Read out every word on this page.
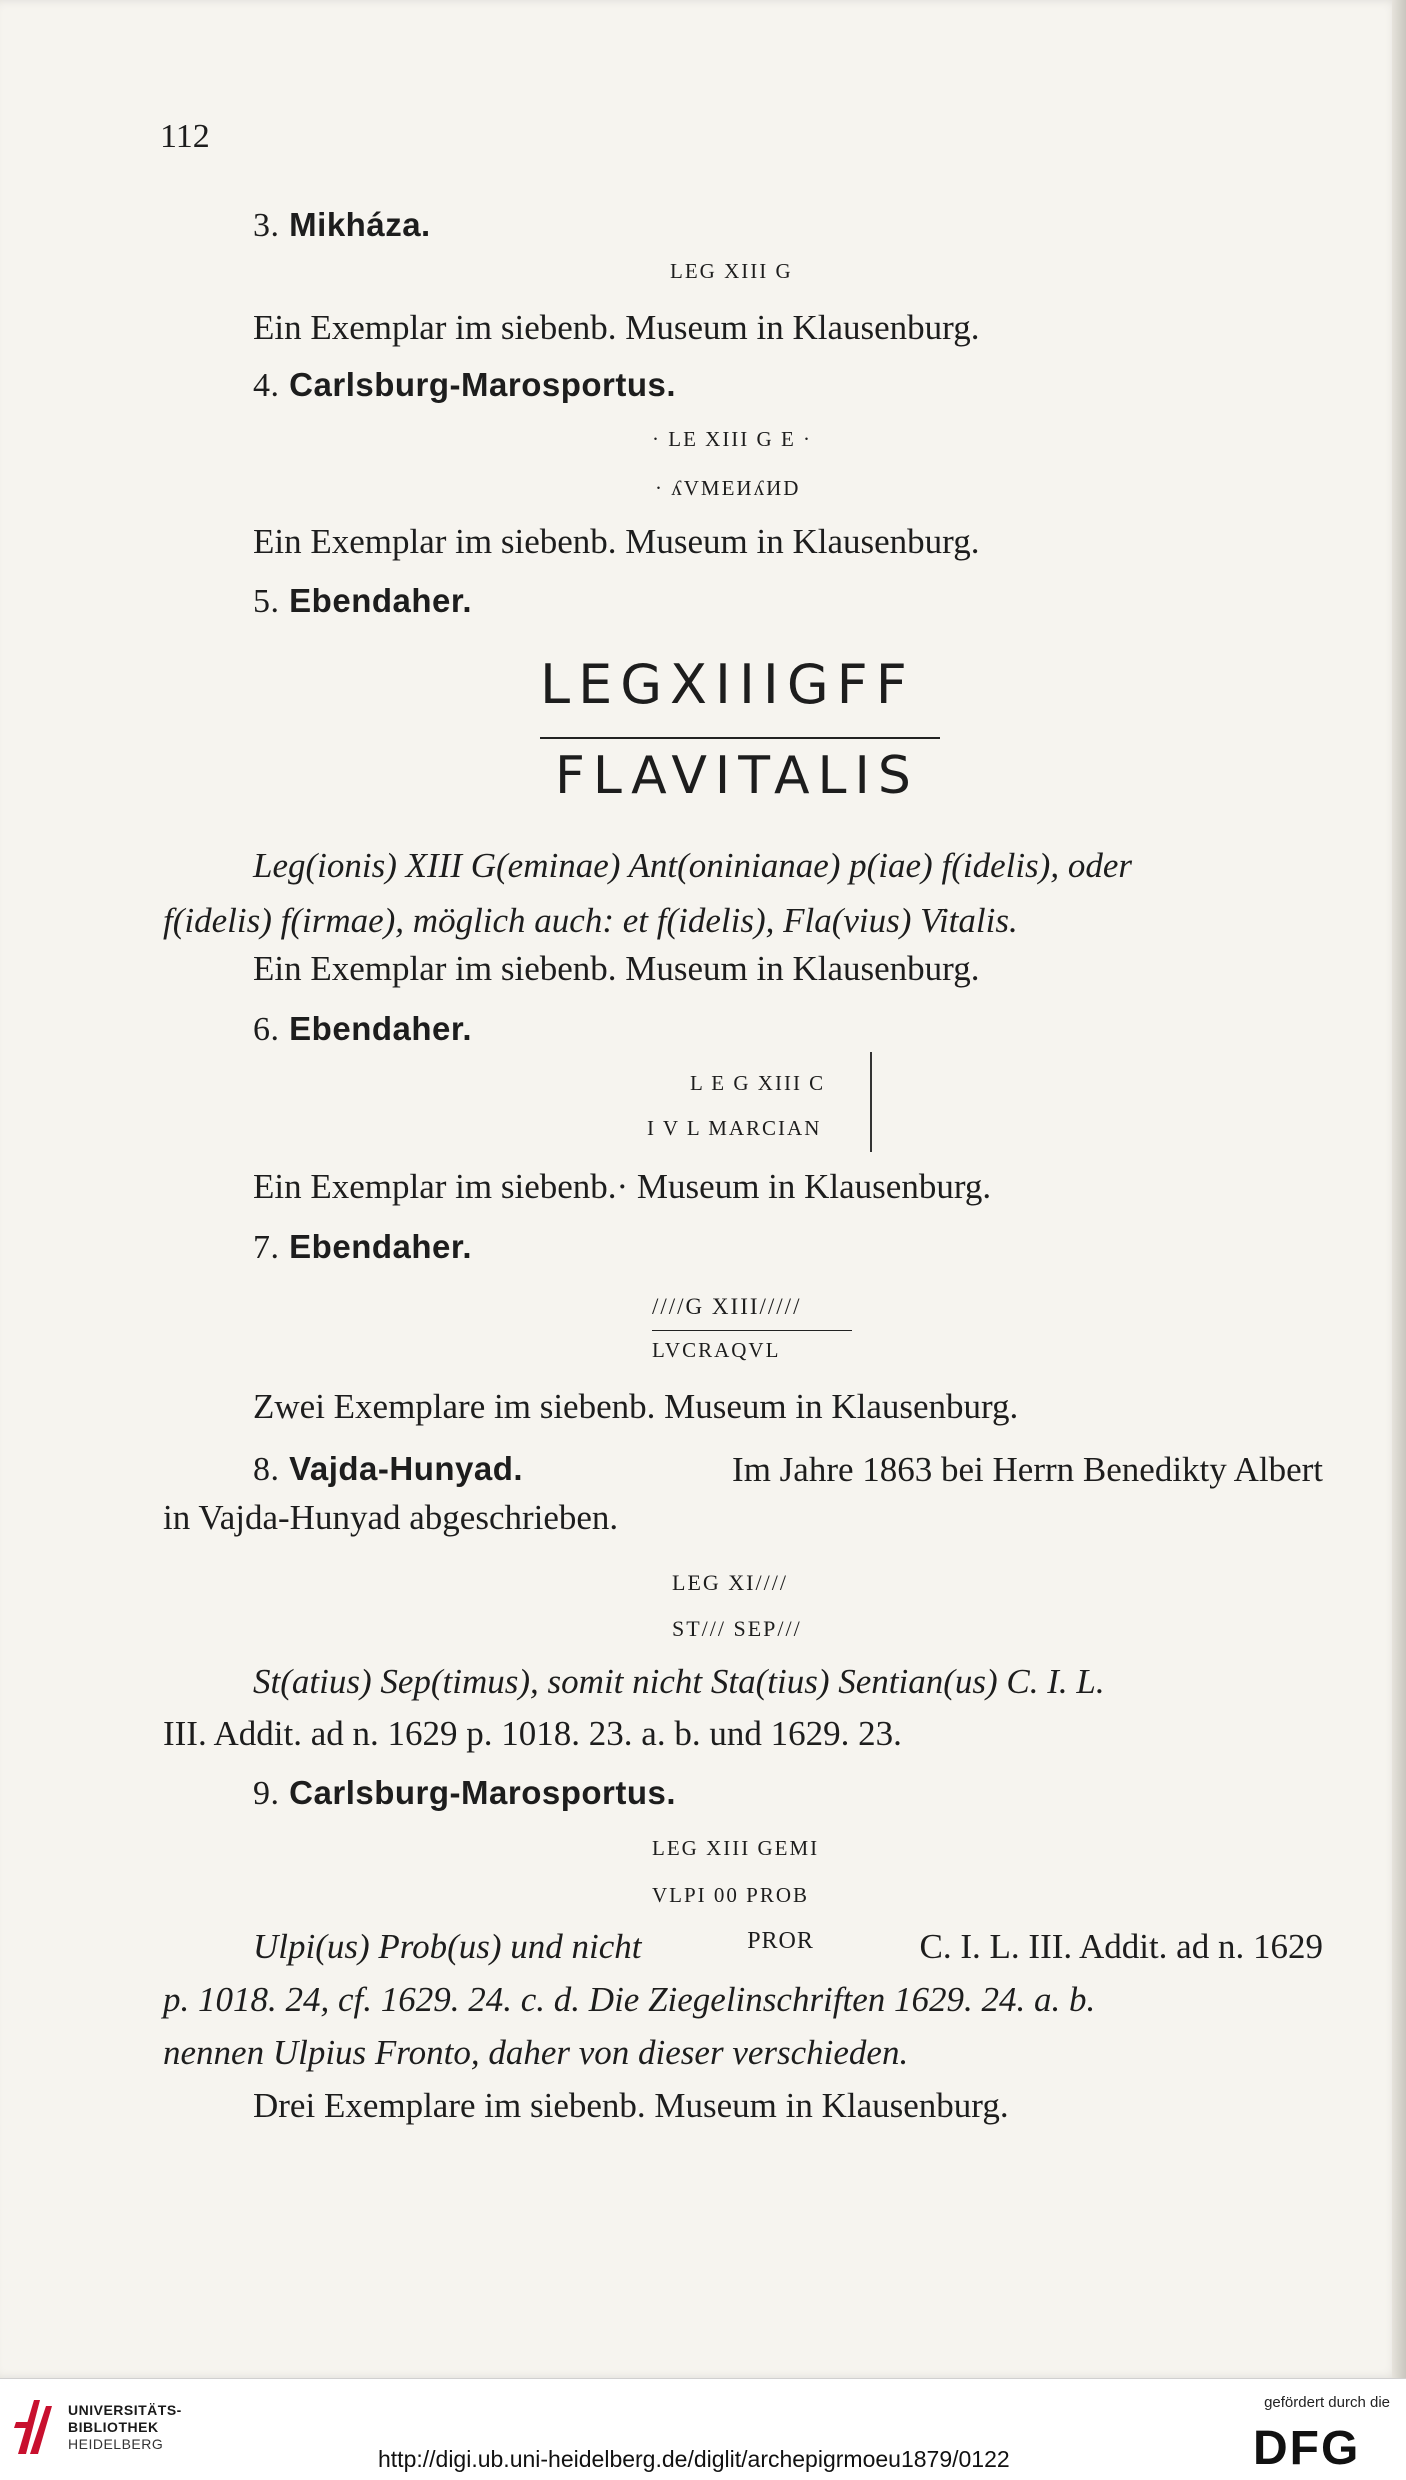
112
3. Mikháza.
LEG XIII G
Ein Exemplar im siebenb. Museum in Klausenburg.
4. Carlsburg-Marosportus.
· LE XIII G E ·
· ʎVMEИʎИD
Ein Exemplar im siebenb. Museum in Klausenburg.
5. Ebendaher.
LEGXIIIGFF
FLAVITALIS
Leg(ionis) XIII G(eminae) Ant(oninianae) p(iae) f(idelis), oder
f(idelis) f(irmae), möglich auch: et f(idelis), Fla(vius) Vitalis.
Ein Exemplar im siebenb. Museum in Klausenburg.
6. Ebendaher.
L E G XIII C
I V L MARCIAN
Ein Exemplar im siebenb.· Museum in Klausenburg.
7. Ebendaher.
////G XIII/////
LVCRAQVL
Zwei Exemplare im siebenb. Museum in Klausenburg.
8. Vajda-Hunyad.	Im Jahre 1863 bei Herrn Benedikty Albert
in Vajda-Hunyad abgeschrieben.
LEG XI////
ST/// SEP///
St(atius) Sep(timus), somit nicht Sta(tius) Sentian(us) C. I. L.
III. Addit. ad n. 1629 p. 1018. 23. a. b. und 1629. 23.
9. Carlsburg-Marosportus.
LEG XIII GEMI
VLPI 00 PROB
Ulpi(us) Prob(us) und nicht	PROR	C. I. L. III. Addit. ad n. 1629
p. 1018. 24, cf. 1629. 24. c. d. Die Ziegelinschriften 1629. 24. a. b.
nennen Ulpius Fronto, daher von dieser verschieden.
Drei Exemplare im siebenb. Museum in Klausenburg.
UNIVERSITÄTS-
BIBLIOTHEK
HEIDELBERG
http://digi.ub.uni-heidelberg.de/diglit/archepigrmoeu1879/0122
gefördert durch die
DFG
